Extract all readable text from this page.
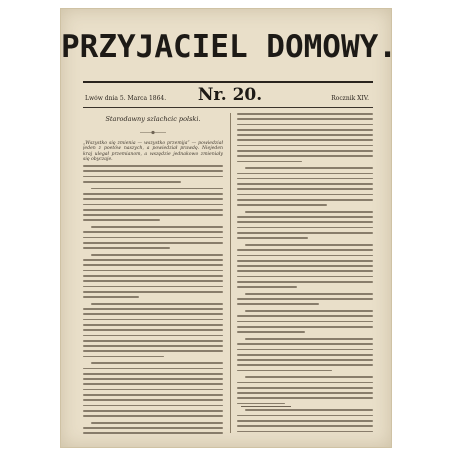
PRZYJACIEL DOMOWY.
Lwów dnia 5. Marca 1864.	Nr. 20.	Rocznik XIV.
Starodawny szlachcic polski.
„Wszystko się zmienia — wszystko przemija” — powiedział jeden z poetów naszych, a powiedział prawdę. Niejeden kraj ulegał przemianom, a wszędzie jednakowo zmieniały się obyczaje.
